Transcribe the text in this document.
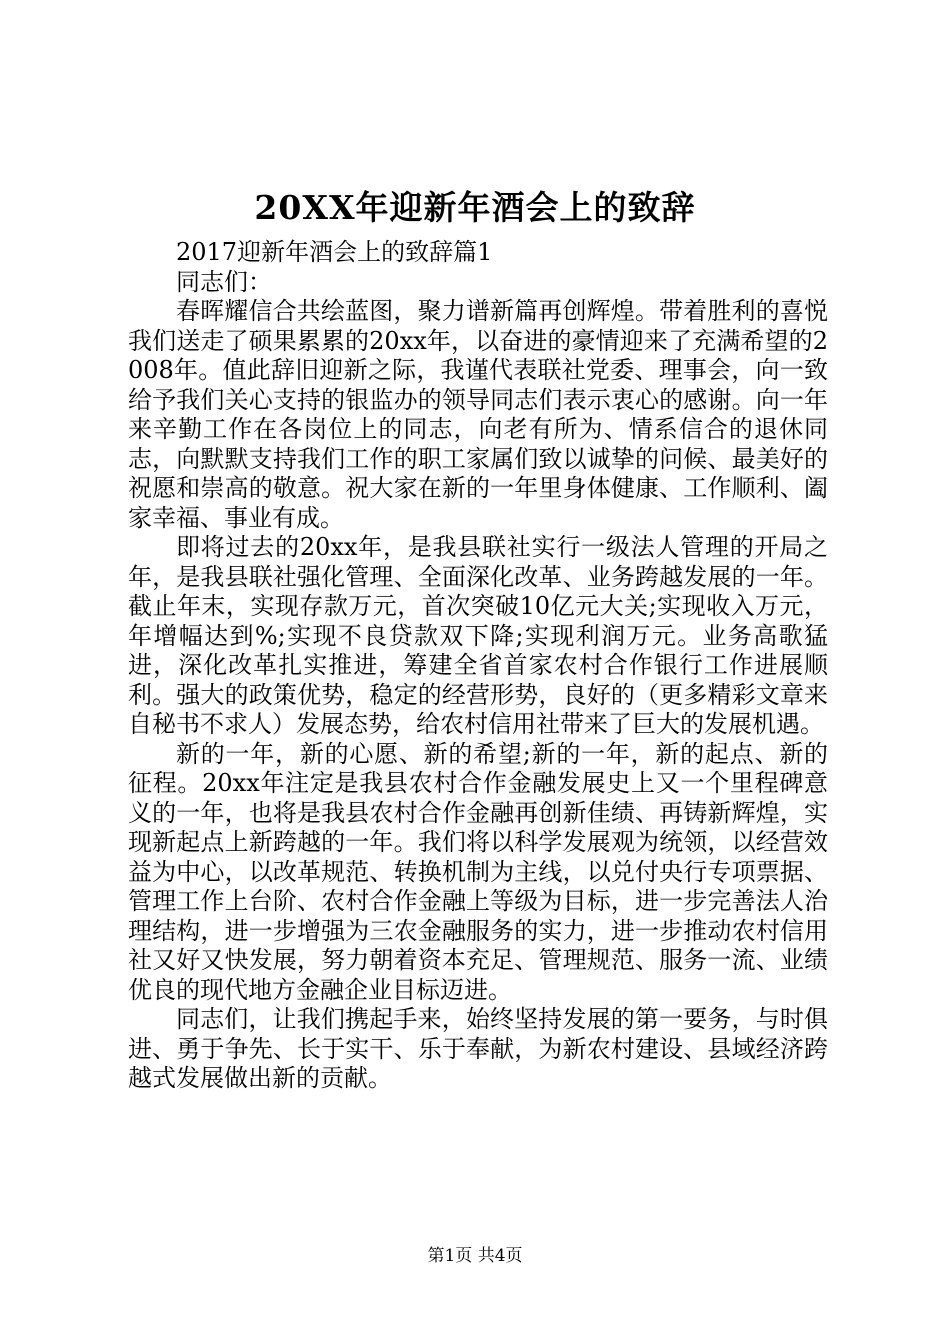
20XX年迎新年酒会上的致辞

2017迎新年酒会上的致辞篇1

同志们：

春晖耀信合共绘蓝图，聚力谱新篇再创辉煌。带着胜利的喜悦我们送走了硕果累累的20xx年，以奋进的豪情迎来了充满希望的2008年。值此辞旧迎新之际，我谨代表联社党委、理事会，向一致给予我们关心支持的银监办的领导同志们表示衷心的感谢。向一年来辛勤工作在各岗位上的同志，向老有所为、情系信合的退休同志，向默默支持我们工作的职工家属们致以诚挚的问候、最美好的祝愿和崇高的敬意。祝大家在新的一年里身体健康、工作顺利、阖家幸福、事业有成。

即将过去的20xx年，是我县联社实行一级法人管理的开局之年，是我县联社强化管理、全面深化改革、业务跨越发展的一年。截止年末，实现存款万元，首次突破10亿元大关;实现收入万元，年增幅达到%;实现不良贷款双下降;实现利润万元。业务高歌猛进，深化改革扎实推进，筹建全省首家农村合作银行工作进展顺利。强大的政策优势，稳定的经营形势，良好的（更多精彩文章来自秘书不求人）发展态势，给农村信用社带来了巨大的发展机遇。

新的一年，新的心愿、新的希望;新的一年，新的起点、新的征程。20xx年注定是我县农村合作金融发展史上又一个里程碑意义的一年，也将是我县农村合作金融再创新佳绩、再铸新辉煌，实现新起点上新跨越的一年。我们将以科学发展观为统领，以经营效益为中心，以改革规范、转换机制为主线，以兑付央行专项票据、管理工作上台阶、农村合作金融上等级为目标，进一步完善法人治理结构，进一步增强为三农金融服务的实力，进一步推动农村信用社又好又快发展，努力朝着资本充足、管理规范、服务一流、业绩优良的现代地方金融企业目标迈进。

同志们，让我们携起手来，始终坚持发展的第一要务，与时俱进、勇于争先、长于实干、乐于奉献，为新农村建设、县域经济跨越式发展做出新的贡献。

第1页 共4页
